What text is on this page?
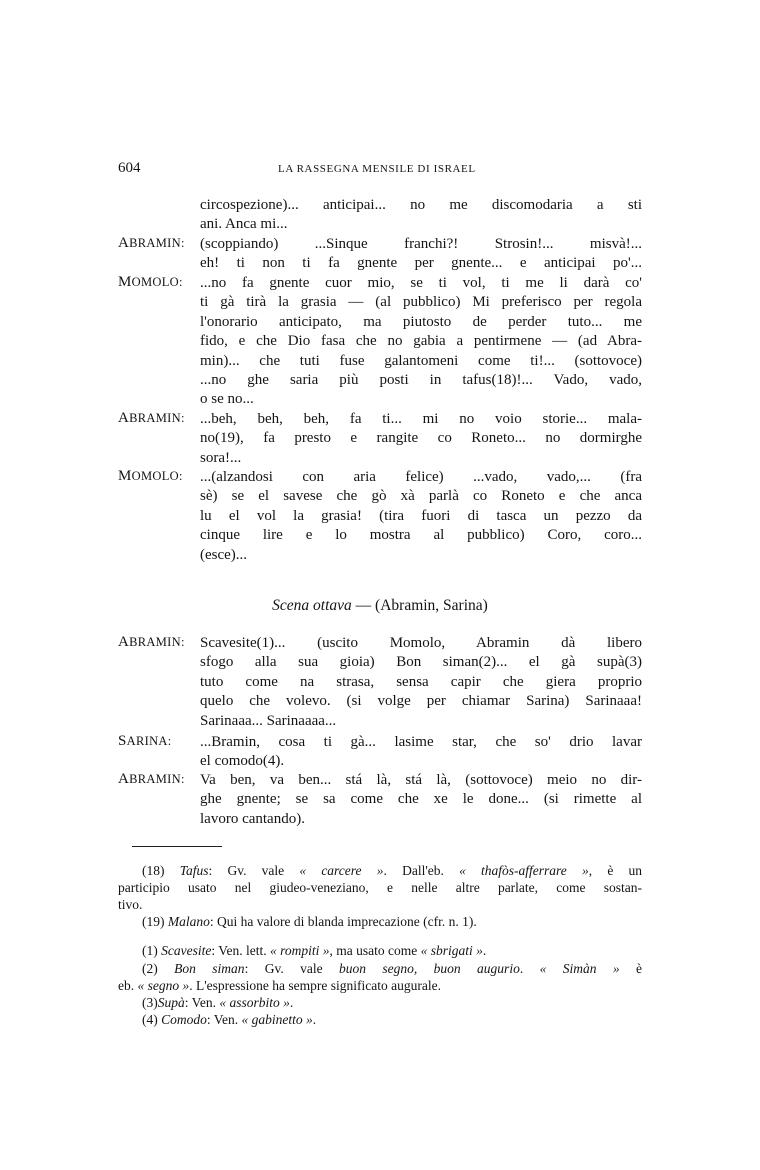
604	LA RASSEGNA MENSILE DI ISRAEL
circospezione)... anticipai... no me discomodaria a sti
ani. Anca mi...
ABRAMIN: (scoppiando) ...Sinque franchi?! Strosin!... misvà!...
eh! ti non ti fa gnente per gnente... e anticipai po'...
MOMOLO: ...no fa gnente cuor mio, se ti vol, ti me li darà co'
ti gà tirà la grasia — (al pubblico) Mi preferisco per regola
l'onorario anticipato, ma piutosto de perder tuto... me
fido, e che Dio fasa che no gabia a pentirmene — (ad Abra-
min)... che tuti fuse galantomeni come ti!... (sottovoce)
...no ghe saria più posti in tafus(18)!... Vado, vado,
o se no...
ABRAMIN: ...beh, beh, beh, fa ti... mi no voio storie... mala-
no(19), fa presto e rangite co Roneto... no dormirghe
sora!...
MOMOLO: ...(alzandosi con aria felice) ...vado, vado,... (fra
sè) se el savese che gò xà parlà co Roneto e che anca
lu el vol la grasia! (tira fuori di tasca un pezzo da
cinque lire e lo mostra al pubblico) Coro, coro...
(esce)...
Scena ottava — (Abramin, Sarina)
ABRAMIN: Scavesite(1)... (uscito Momolo, Abramin dà libero
sfogo alla sua gioia) Bon siman(2)... el gà supà(3)
tuto come na strasa, sensa capir che giera proprio
quelo che volevo. (si volge per chiamar Sarina) Sarinaaa!
Sarinaaa... Sarinaaaa...
SARINA: ...Bramin, cosa ti gà... lasime star, che so' drio lavar
el comodo(4).
ABRAMIN: Va ben, va ben... stá là, stá là, (sottovoce) meio no dir-
ghe gnente; se sa come che xe le done... (si rimette al
lavoro cantando).
(18) Tafus: Gv. vale « carcere ». Dall'eb. « thafòs-afferrare », è un
participio usato nel giudeo-veneziano, e nelle altre parlate, come sostan-
tivo.
(19) Malano: Qui ha valore di blanda imprecazione (cfr. n. 1).
(1) Scavesite: Ven. lett. « rompiti », ma usato come « sbrigati ».
(2) Bon siman: Gv. vale buon segno, buon augurio. « Simàn » è
eb. « segno ». L'espressione ha sempre significato augurale.
(3)Supà: Ven. « assorbito ».
(4) Comodo: Ven. « gabinetto ».
